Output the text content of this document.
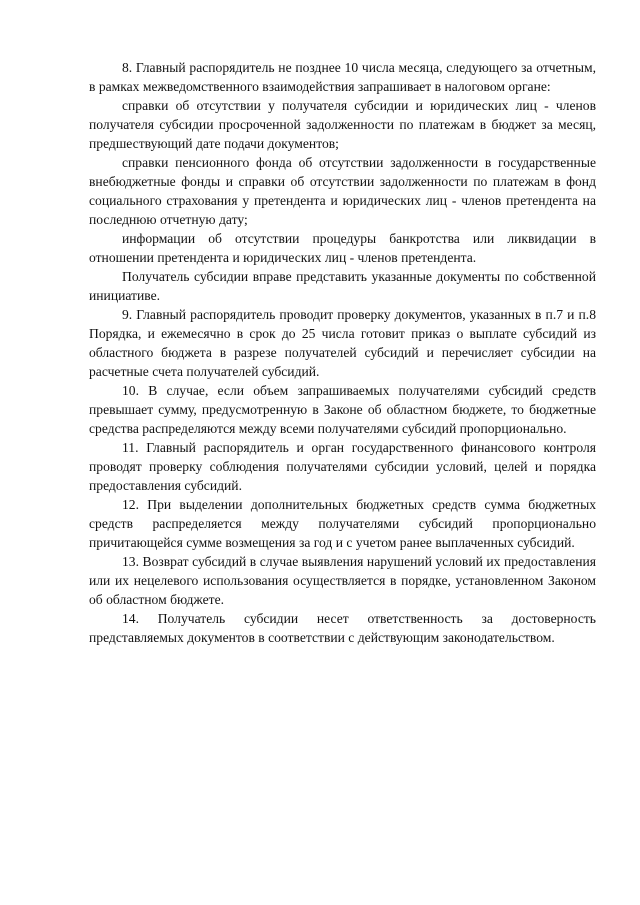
8. Главный распорядитель не позднее 10 числа месяца, следующего за отчетным, в рамках межведомственного взаимодействия запрашивает в налоговом органе:

справки об отсутствии у получателя субсидии и юридических лиц - членов получателя субсидии просроченной задолженности по платежам в бюджет за месяц, предшествующий дате подачи документов;

справки пенсионного фонда об отсутствии задолженности в государственные внебюджетные фонды и справки об отсутствии задолженности по платежам в фонд социального страхования у претендента и юридических лиц - членов претендента на последнюю отчетную дату;

информации об отсутствии процедуры банкротства или ликвидации в отношении претендента и юридических лиц - членов претендента.

Получатель субсидии вправе представить указанные документы по собственной инициативе.

9. Главный распорядитель проводит проверку документов, указанных в п.7 и п.8 Порядка, и ежемесячно в срок до 25 числа готовит приказ о выплате субсидий из областного бюджета в разрезе получателей субсидий и перечисляет субсидии на расчетные счета получателей субсидий.

10. В случае, если объем запрашиваемых получателями субсидий средств превышает сумму, предусмотренную в Законе об областном бюджете, то бюджетные средства распределяются между всеми получателями субсидий пропорционально.

11. Главный распорядитель и орган государственного финансового контроля проводят проверку соблюдения получателями субсидии условий, целей и порядка предоставления субсидий.

12. При выделении дополнительных бюджетных средств сумма бюджетных средств распределяется между получателями субсидий пропорционально причитающейся сумме возмещения за год и с учетом ранее выплаченных субсидий.

13. Возврат субсидий в случае выявления нарушений условий их предоставления или их нецелевого использования осуществляется в порядке, установленном Законом об областном бюджете.

14. Получатель субсидии несет ответственность за достоверность представляемых документов в соответствии с действующим законодательством.
